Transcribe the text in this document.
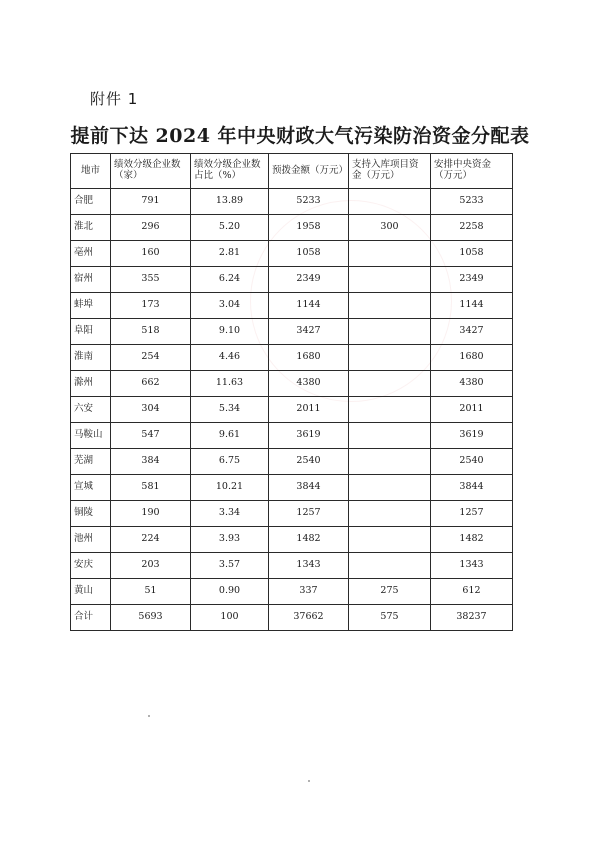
附件 1
提前下达 2024 年中央财政大气污染防治资金分配表
地市	绩效分级企业数（家）	绩效分级企业数占比（%）	预拨金额（万元）	支持入库项目资金（万元）	安排中央资金（万元）
合肥	791	13.89	5233		5233
淮北	296	5.20	1958	300	2258
亳州	160	2.81	1058		1058
宿州	355	6.24	2349		2349
蚌埠	173	3.04	1144		1144
阜阳	518	9.10	3427		3427
淮南	254	4.46	1680		1680
滁州	662	11.63	4380		4380
六安	304	5.34	2011		2011
马鞍山	547	9.61	3619		3619
芜湖	384	6.75	2540		2540
宣城	581	10.21	3844		3844
铜陵	190	3.34	1257		1257
池州	224	3.93	1482		1482
安庆	203	3.57	1343		1343
黄山	51	0.90	337	275	612
合计	5693	100	37662	575	38237
